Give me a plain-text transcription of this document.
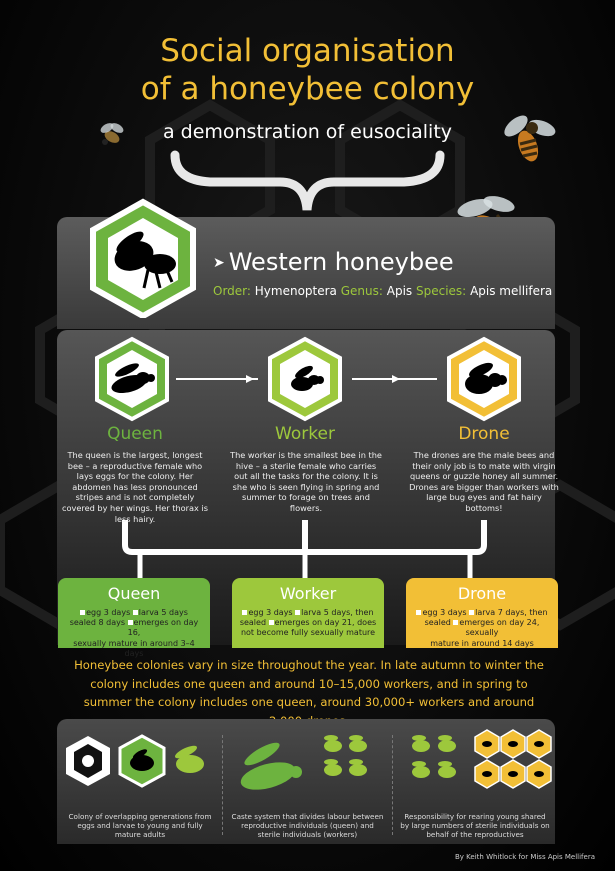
Social organisation
of a honeybee colony
a demonstration of eusociality
➤ Western honeybee
Order: Hymenoptera Genus: Apis Species: Apis mellifera
Queen	Worker	Drone
The queen is the largest, longest bee – a reproductive female who lays eggs for the colony. Her abdomen has less pronounced stripes and is not completely covered by her wings. Her thorax is less hairy.
The worker is the smallest bee in the hive – a sterile female who carries out all the tasks for the colony. It is she who is seen flying in spring and summer to forage on trees and flowers.
The drones are the male bees and their only job is to mate with virgin queens or guzzle honey all summer. Drones are bigger than workers with large bug eyes and fat hairy bottoms!
Queen
egg 3 days larva 5 days
sealed 8 days emerges on day 16,
sexually mature in around 3–4 days
Worker
egg 3 days larva 5 days, then
sealed emerges on day 21, does
not become fully sexually mature
Drone
egg 3 days larva 7 days, then
sealed emerges on day 24, sexually
mature in around 14 days
Honeybee colonies vary in size throughout the year. In late autumn to winter the colony includes one queen and around 10–15,000 workers, and in spring to summer the colony includes one queen, around 30,000+ workers and around
Colony of overlapping generations from eggs and larvae to young and fully mature adults
Caste system that divides labour between reproductive individuals (queen) and sterile individuals (workers)
Responsibility for rearing young shared by large numbers of sterile individuals on behalf of the reproductives
By Keith Whitlock for Miss Apis Mellifera
